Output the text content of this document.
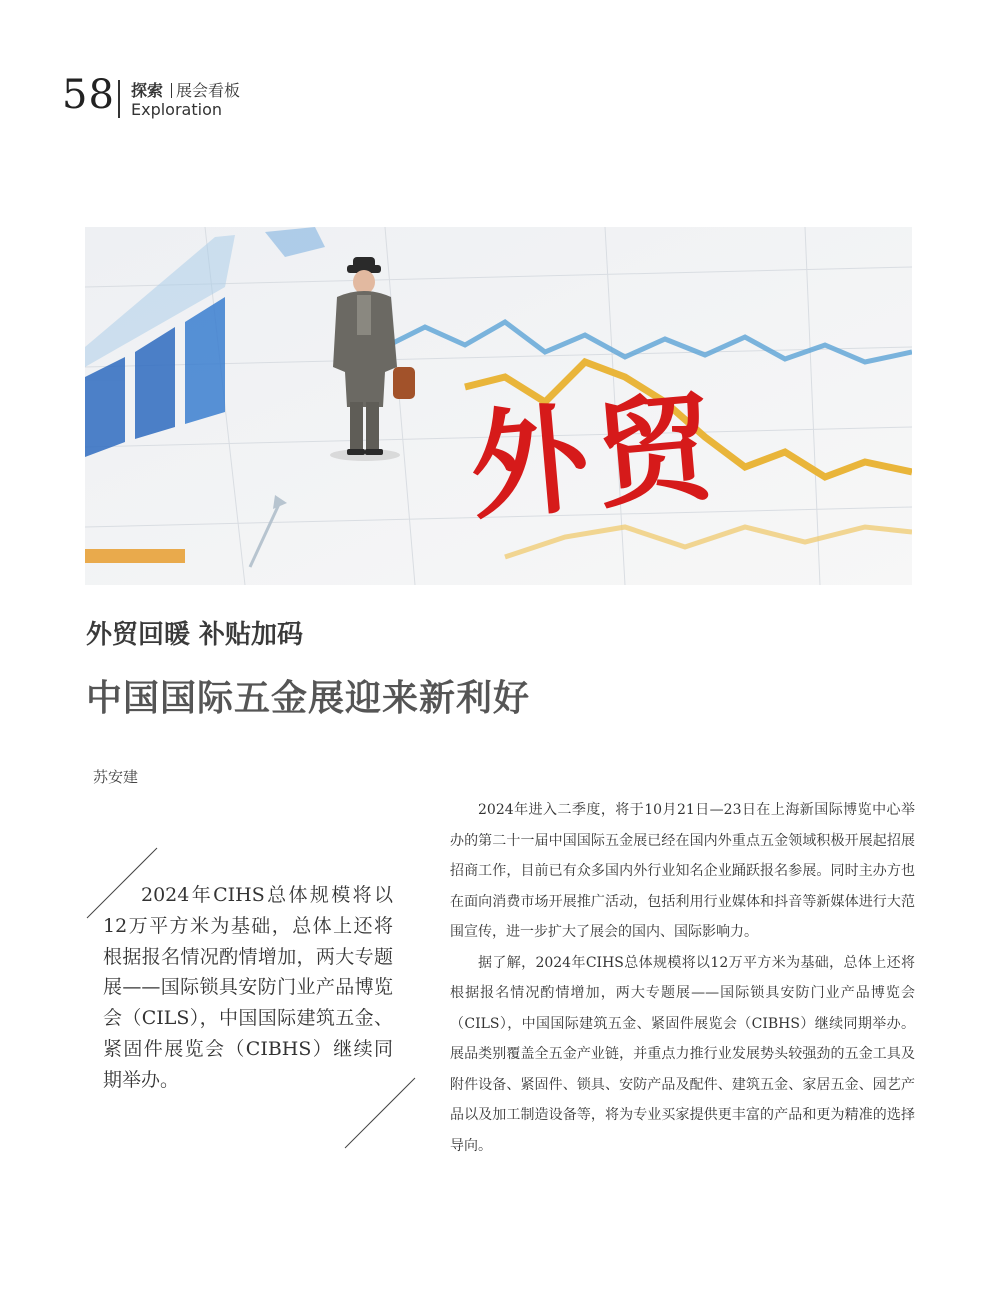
58 探索 展会看板
Exploration
外贸
外贸回暖 补贴加码
中国国际五金展迎来新利好
苏安建
2024年CIHS总体规模将以12万平方米为基础，总体上还将根据报名情况酌情增加，两大专题展——国际锁具安防门业产品博览会（CILS），中国国际建筑五金、紧固件展览会（CIBHS）继续同期举办。

2024年进入二季度，将于10月21日—23日在上海新国际博览中心举办的第二十一届中国国际五金展已经在国内外重点五金领域积极开展起招展招商工作，目前已有众多国内外行业知名企业踊跃报名参展。同时主办方也在面向消费市场开展推广活动，包括利用行业媒体和抖音等新媒体进行大范围宣传，进一步扩大了展会的国内、国际影响力。

据了解，2024年CIHS总体规模将以12万平方米为基础，总体上还将根据报名情况酌情增加，两大专题展——国际锁具安防门业产品博览会（CILS），中国国际建筑五金、紧固件展览会（CIBHS）继续同期举办。展品类别覆盖全五金产业链，并重点力推行业发展势头较强劲的五金工具及附件设备、紧固件、锁具、安防产品及配件、建筑五金、家居五金、园艺产品以及加工制造设备等，将为专业买家提供更丰富的产品和更为精准的选择导向。
